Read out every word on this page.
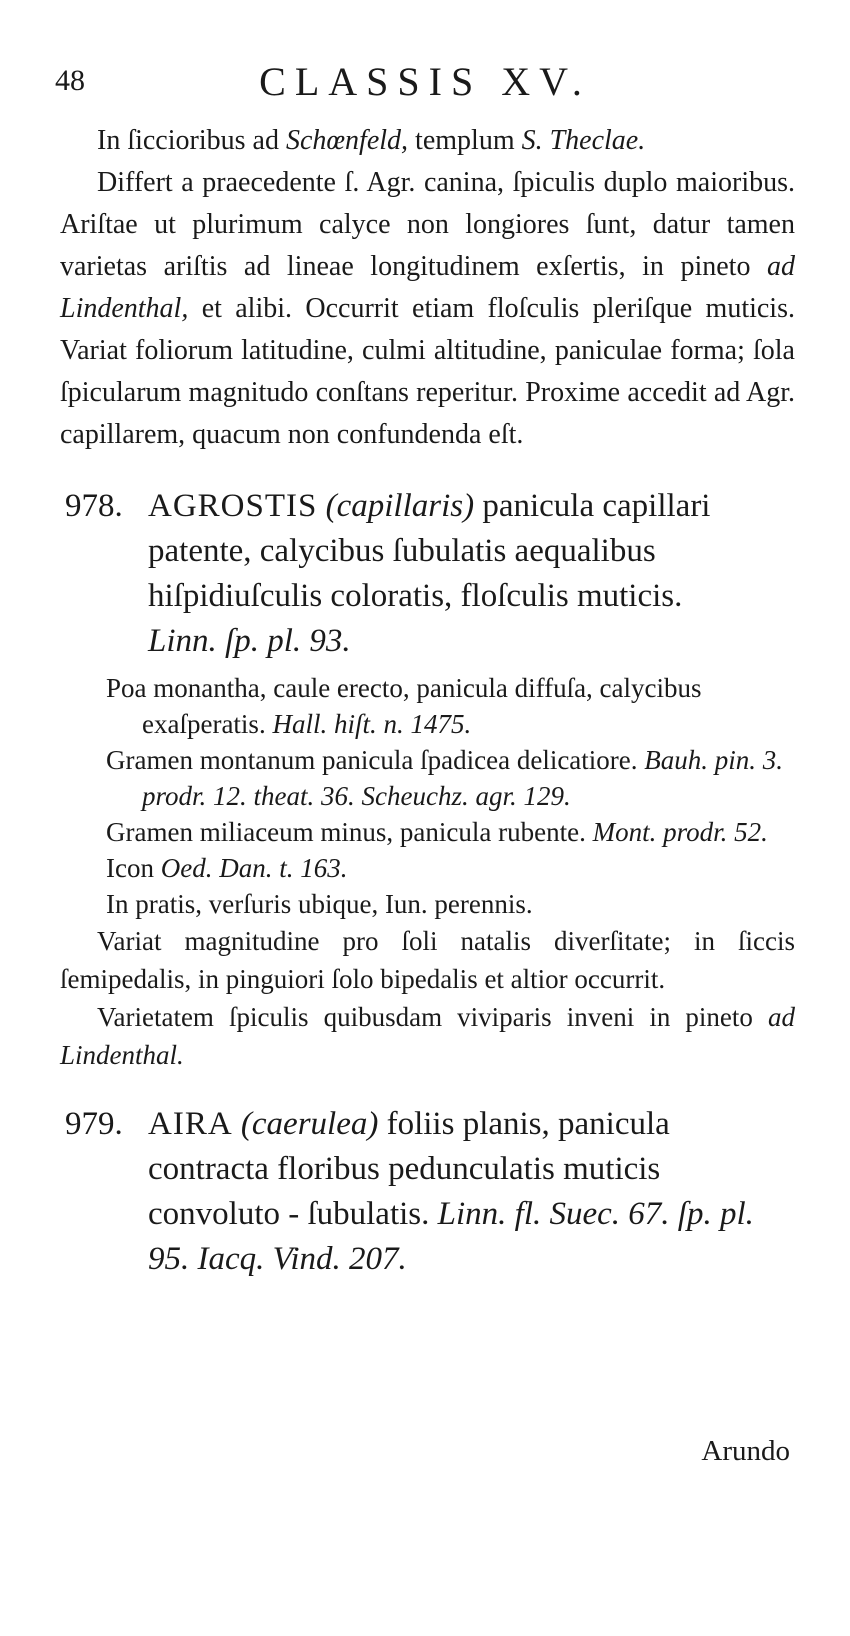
48	CLASSIS XV.

In ſiccioribus ad Schœnfeld, templum S. Theclae.

Differt a praecedente ſ. Agr. canina, ſpiculis duplo maioribus. Ariſtae ut plurimum calyce non longiores ſunt, datur tamen varietas ariſtis ad lineae longitudinem exſertis, in pineto ad Lindenthal, et alibi. Occurrit etiam floſculis pleriſque muticis. Variat foliorum latitudine, culmi altitudine, paniculae forma; ſola ſpicularum magnitudo conſtans reperitur. Proxime accedit ad Agr. capillarem, quacum non confundenda eſt.

978. AGROSTIS (capillaris) panicula capillari patente, calycibus ſubulatis aequalibus hiſpidiuſculis coloratis, floſculis muticis.
Linn. ſp. pl. 93.

Poa monantha, caule erecto, panicula diffuſa, calycibus exaſperatis. Hall. hiſt. n. 1475.

Gramen montanum panicula ſpadicea delicatiore. Bauh. pin. 3. prodr. 12. theat. 36. Scheuchz. agr. 129.

Gramen miliaceum minus, panicula rubente. Mont. prodr. 52.

Icon Oed. Dan. t. 163.

In pratis, verſuris ubique, Iun. perennis.

Variat magnitudine pro ſoli natalis diverſitate; in ſiccis ſemipedalis, in pinguiori ſolo bipedalis et altior occurrit.

Varietatem ſpiculis quibusdam viviparis inveni in pineto ad Lindenthal.

979. AIRA (caerulea) foliis planis, panicula contracta floribus pedunculatis muticis convoluto - ſubulatis. Linn. fl. Suec. 67. ſp. pl. 95. Iacq. Vind. 207.
Arundo
